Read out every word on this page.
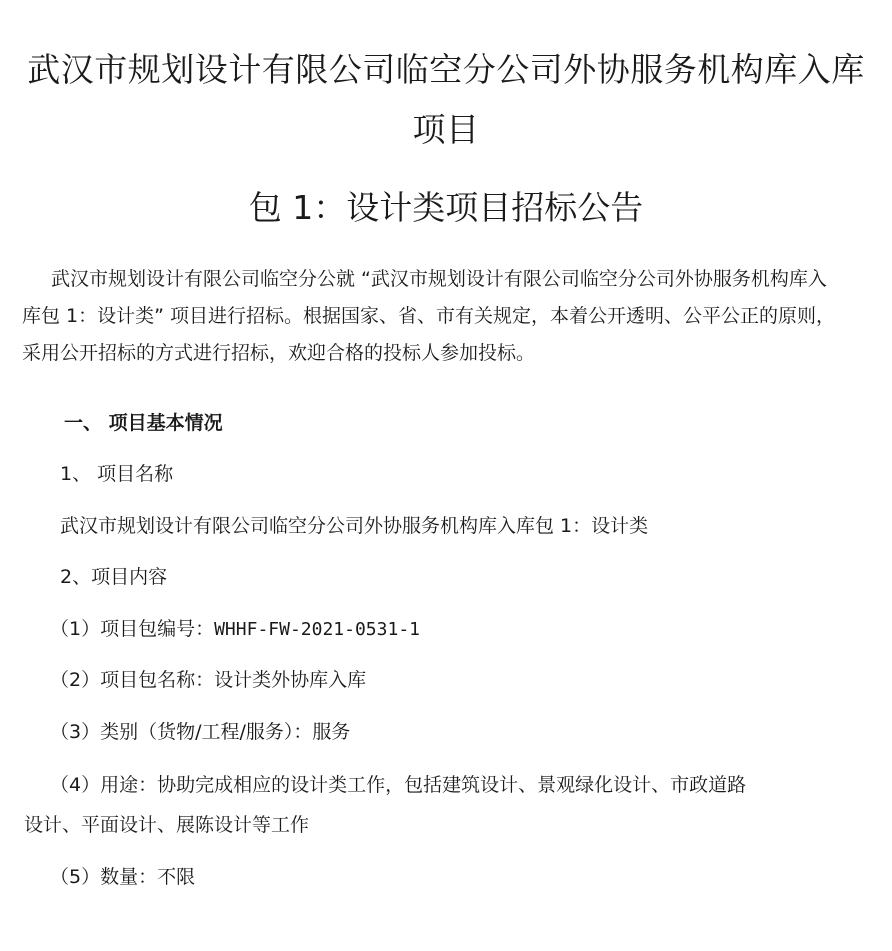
武汉市规划设计有限公司临空分公司外协服务机构库入库
项目
包 1：设计类项目招标公告
武汉市规划设计有限公司临空分公就 “武汉市规划设计有限公司临空分公司外协服务机构库入
库包 1：设计类” 项目进行招标。根据国家、省、市有关规定，本着公开透明、公平公正的原则，
采用公开招标的方式进行招标，欢迎合格的投标人参加投标。
一、 项目基本情况
1、 项目名称
武汉市规划设计有限公司临空分公司外协服务机构库入库包 1：设计类
2、项目内容
（1）项目包编号：WHHF-FW-2021-0531-1
（2）项目包名称：设计类外协库入库
（3）类别（货物/工程/服务）：服务
（4）用途：协助完成相应的设计类工作，包括建筑设计、景观绿化设计、市政道路
设计、平面设计、展陈设计等工作
（5）数量：不限
